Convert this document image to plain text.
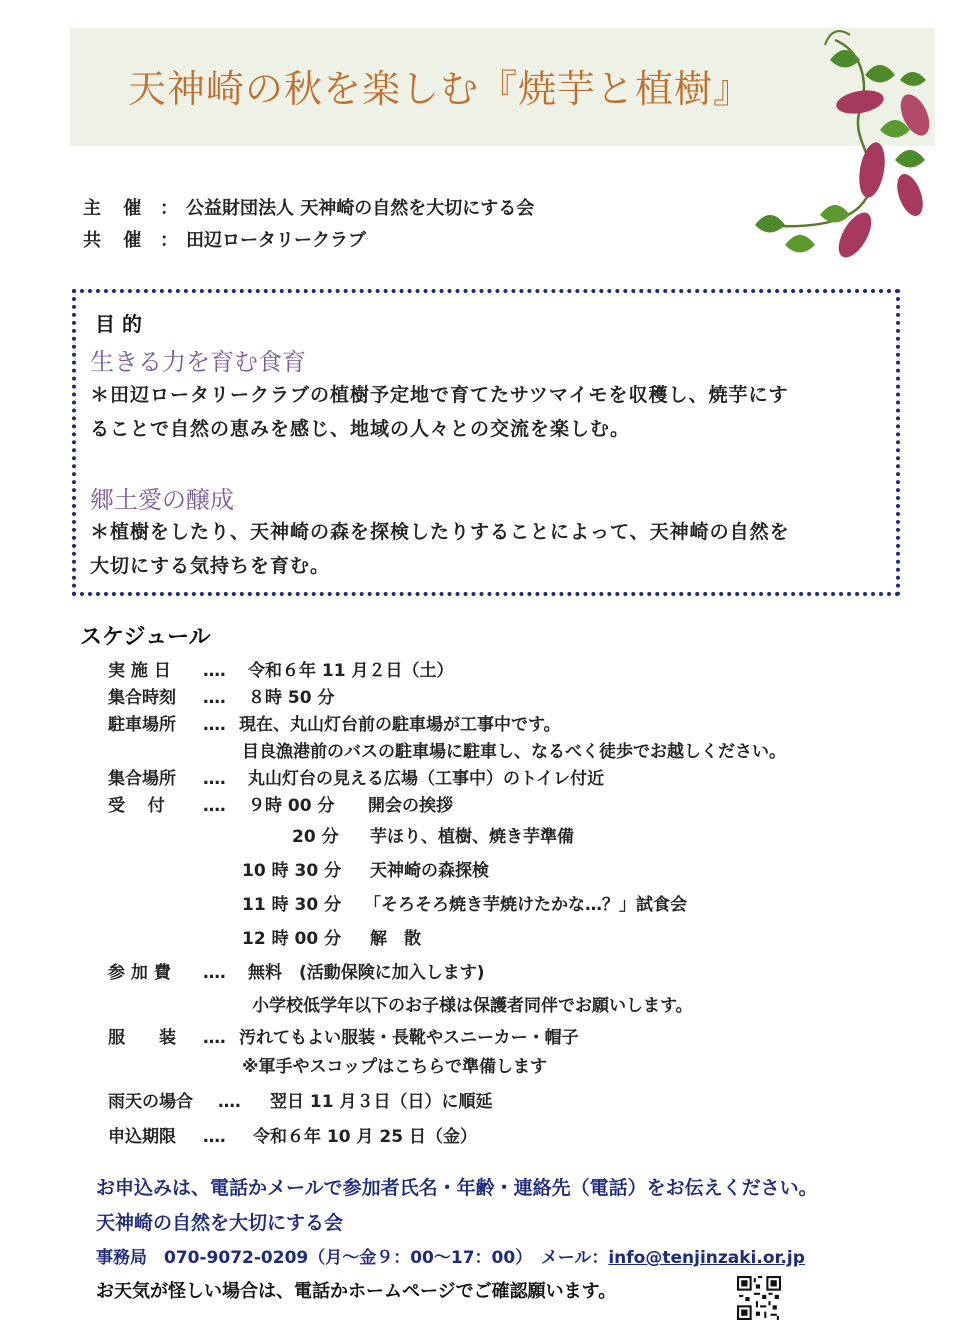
天神崎の秋を楽しむ『焼芋と植樹』
主 催 ： 公益財団法人 天神崎の自然を大切にする会
共 催 ： 田辺ロータリークラブ
目 的
生きる力を育む食育
＊田辺ロータリークラブの植樹予定地で育てたサツマイモを収穫し、焼芋にす
ることで自然の恵みを感じ、地域の人々との交流を楽しむ。
郷土愛の醸成
＊植樹をしたり、天神崎の森を探検したりすることによって、天神崎の自然を
大切にする気持ちを育む。
スケジュール
実 施 日 ‥‥ 令和６年 11 月２日（土）
集合時刻 ‥‥ ８時 50 分
駐車場所 ‥‥ 現在、丸山灯台前の駐車場が工事中です。
目良漁港前のバスの駐車場に駐車し、なるべく徒歩でお越しください。
集合場所 ‥‥ 丸山灯台の見える広場（工事中）のトイレ付近
受　 付 ‥‥ ９時 00 分 開会の挨拶
20 分 芋ほり、植樹、焼き芋準備
10 時 30 分 天神崎の森探検
11 時 30 分 「そろそろ焼き芋焼けたかな…？」試食会
12 時 00 分 解　散
参 加 費 ‥‥ 無料　(活動保険に加入します)
小学校低学年以下のお子様は保護者同伴でお願いします。
服　　装 ‥‥ 汚れてもよい服装・長靴やスニーカー・帽子
※軍手やスコップはこちらで準備します
雨天の場合 ‥‥ 翌日 11 月３日（日）に順延
申込期限 ‥‥ 令和６年 10 月 25 日（金）
お申込みは、電話かメールで参加者氏名・年齢・連絡先（電話）をお伝えください。
天神崎の自然を大切にする会
事務局　070-9072-0209（月～金９：00～17：00）　メール：info@tenjinzaki.or.jp
お天気が怪しい場合は、電話かホームページでご確認願います。
